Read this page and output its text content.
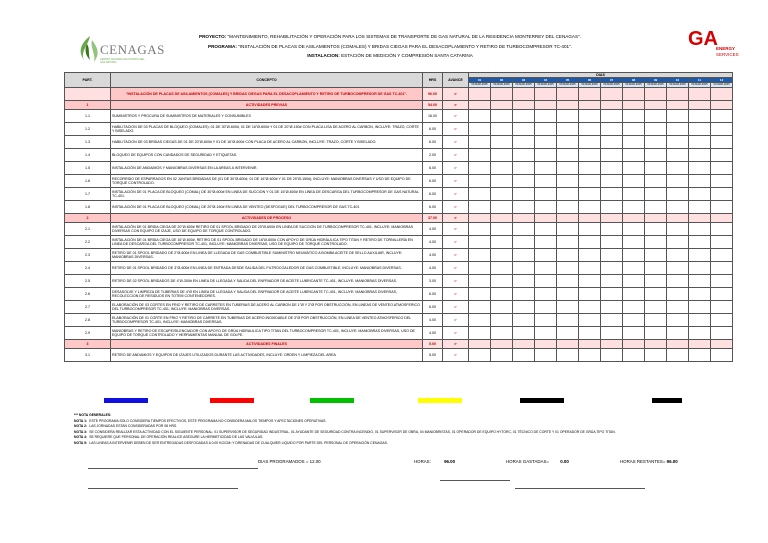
CENAGAS
CENTRO NACIONAL DE CONTROL DEL GAS NATURAL
GA
ENERGY
SERVICES
PROYECTO: "MANTENIMIENTO, REHABILITACIÓN Y OPERACIÓN PARA LOS SISTEMAS DE TRANSPORTE DE GAS NATURAL DE LA RESIDENCIA MONTERREY DEL CENAGAS".
PROGRAMA: "INSTALACIÓN DE PLACAS DE ASILAMIENTOS (COMALES) Y BRIDAS CIEGAS PARA EL DESACOPLAMIENTO Y RETIRO DE TURBOCOMPRESOR TC-401".
INSTALACION: ESTACIÓN DE MEDICIÓN Y COMPRESIÓN SANTA CATARINA
PART.	CONCEPTO	HRS	AVANCE	DIAS											
				01	02	03	04	05	06	07	08	09	10	11	12
				03-MAR-2025	03-MAR-2025	03-MAR-2025	03-MAR-2025	03-MAR-2025	03-MAR-2025	03-MAR-2025	03-MAR-2025	03-MAR-2025	03-MAR-2025	03-MAR-2025	03-MAR-2025
	"INSTALACIÓN DE PLACAS DE ASILAMIENTOS (COMALES) Y BRIDAS CIEGAS PARA EL DESACOPLAMIENTO Y RETIRO DE TURBOCOMPRESOR DE GAS TC-401".	96.00	P	

1	ACTIVIDADES PREVIAS	54.00	P	

1.1	SUMINISTROS Y PROCURA DE SUMINISTROS DE MATERIALES Y CONSUMIBLES	16.00	P	

1.2	HABILITACION DE 03 PLACAS DE BLOQUEO (COMALES): 01 DE 30"Ø-600#, 01 DE 16"Ø-600# Y 01 DE 20"Ø-150# CON PLACA LISA DE ACERO AL CARBON, INCLUYE: TRAZO, CORTE Y BISELADO.	6.00	P			

1.3	HABILITACION DE 03 BRIDAS CIEGAS DE 01 DE 20"Ø-600# Y 01 DE 16"Ø-600# CON PLACA DE ACERO AL CARBON, INCLUYE: TRAZO, CORTE Y BISELADO.	6.00	P				

1.4	BLOQUEO DE EQUIPOS CON CANDADOS DE SEGURIDAD Y ETIQUETAS.	2.00	P				

1.5	INSTALACIÓN DE ANDAMIOS Y MANIOBRAS DIVERSAS EN LA AREAS A INTERVENIR.	6.00	P				

1.6	RECORRIDO DE ESPARRAGOS EN 02 JUNTAS BRIDADAS DE (01 DE 30"Ø-600#, 01 DE 16"Ø-600# Y 01 DE 20"Ø-150#), INCLUYE: MANIOBRAS DIVERSAS Y USO DE EQUIPO DE TORQUE CONTROLADO.	6.00	P					

1.7	INSTALACIÓN DE 01 PLACA DE BLOQUEO (COMAL) DE 30"Ø-600# EN LINEA DE SUCCION Y 01 DE 16"Ø-600# EN LINEA DE DESCARGA DEL TURBOCOMPRESOR DE GAS NATURAL TC-401.	6.00	P						

1.8	INSTALACIÓN DE 01 PLACA DE BLOQUEO (COMAL) DE 20"Ø-150# EN LINEA DE VENTEO (DESFOGUE) DEL TURBOCOMPRESOR DE GAS TC-401	6.00	P							

2	ACTIVIDADES DE PROCESO	37.00	P								

2.1	INSTALACIÓN DE 01 BRIDA CIEGA DE 20"Ø-600# RETIRO DE 01 SPOOL BRIDADO DE 20"Ø-600# EN LINEA DE SUCCION DE TURBOCOMPRESOR TC-401, INCLUYE: MANIOBRAS DIVERSAS CON EQUIPO DE IZAJE, USO DE EQUIPO DE TORQUE CONTROLADO.	4.00	P								

2.2	INSTALACIÓN DE 01 BRIDA CIEGA DE 16"Ø-600#, RETIRO DE 01 SPOOL BRIDADO DE 16"Ø-600# CON APOYO DE GRÚA HIDRÁULICA TIPO TITAN Y RETIRO DE TORNILLERÍA EN LINEA DE DESCARGA DEL TURBOCOMPRESOR TC-401, INCLUYE: MANIOBRAS DIVERSAS, USO DE EQUIPO DE TORQUE CONTROLADO.	4.00	P									

2.3	RETIRO DE 01 SPOOL BRIDADO DE 2"Ø-600# EN LINEA DE LLEGADA DE GAS COMBUSTIBLE SUMINISTRO NEUMÁTICO A BOMBA ACEITE DE SELLO AUXILIAR, INCLUYE: MANIOBRAS DIVERSAS.	4.00	P										

2.4	RETIRO DE 01 SPOOL BRIDADO DE 3"Ø-600# EN LINEA DE ENTRADA DESDE SALIDA DEL FILTROCOALEDOR DE GAS COMBUSTIBLE, INCLUYE: MANIOBRAS DIVERSAS.	4.00	P										

2.5	RETIRO DE 02 SPOOL BRIDADOS DE 4"Ø-300# EN LINEA DE LLEGADA Y SALIDA DEL ENFRIADOR DE ACEITE LUBRICANTE TC-401, INCLUYE: MANIOBRAS DIVERSAS.	3.00	P										

2.6	DESASOLVE Y LIMPIEZA DE TUBERIAS DE 4"Ø EN LINEA DE LLEGADA Y SALIDA DEL ENFRIADOR DE ACEITE LUBRICANTE TC-401, INCLUYE: MANIOBRAS DIVERSAS, RECOLECCION DE RESIDUOS EN TOTEM CONTENEDORES.	6.00	P											

2.7	ELABORACIÓN DE 03 CORTES EN FRIO Y RETIRO DE CARRETES EN TUBERIAS DE ACERO AL CARBON DE 1"Ø Y 2"Ø POR OBSTRUCCIÓN, EN LINEAS DE VENTEO ATMOSFERICO DEL TURBOCOMPRESOR TC-401, INCLUYE: MANIOBRAS DIVERSAS.	6.00	P											

2.8	ELABORACIÓN DE 01 CORTE EN FRIO Y RETIRO DE CARRETE EN TUBERIAS DE ACERO INOXIDABLE DE 3"Ø POR OBSTRUCCIÓN, EN LINEA DE VENTEO ATMOSFERICO DEL TURBOCOMPRESOR TC-401, INCLUYE: MANIOBRAS DIVERSAS.	4.00	P												

2.9	MANIOBRAS Y RETIRO DE ESCAPE/SILENCIADOR CON APOYO DE GRÚA HIDRAULICA TIPO TITAN DEL TURBOCOMPRESOR TC-401, INCLUYE: MANIOBRAS DIVERSAS, USO DE EQUIPO DE TORQUE CONTROLADO Y HERRAMIENTAS MANUAL DE GOLPE.	4.00	P												

3	ACTIVIDADES FINALES	5.00	P												
3.1	RETIRO DE ANDAMIOS Y EQUIPOS DE IZAJES UTILIZADOS DURANTE LAS ACTIVIDADES, INCLUYE: ORDEN Y LIMPIEZA DEL AREA	5.00	P												
*** NOTA GENERALES:
NOTA 1: ESTE PROGRAMA SOLO CONSIDERA TIEMPOS EFECTIVOS, ESTE PROGRAMA NO CONSIDERA MALOS TIEMPOS Y AFECTACIONES OPERATIVAS.
NOTA 2: LAS JORNADAS ESTAN CONSIDERADAS POR 08 HRS.
NOTA 3: SE CONSIDERA REALIZAR ESTA ACTIVIDAD CON EL SIGUIENTE PERSONAL: 01 SUPERVISOR DE SEGURIDAD INDUSTRIAL, 01 AYUDANTE DE SEGURIDAD CONTRA INCENDIO, 01 SUPERVISOR DE OBRA, 04 MANIOBRISTAS, 01 OPERADOR DE EQUIPO HYTORC, 01 TÉCNICO DE CORTE Y 01 OPERADOR DE GRÚA TIPO TITAN.
NOTA 4: SE REQUIERE QUE PERSONAL DE OPERACIÓN REALICE ASEGURE LA HERMETICIDAD DE LAS VALVULAS.
NOTA 5: LAS LINEAS A INTERVENIR DEBEN DE SER ENTREGADAS DESFOGADAS A 0.00 KG/CM² Y DRENADAS DE CUALQUIER LIQUIDO POR PARTE DEL PERSONAL DE OPERACIÓN CENAGAS.
DIAS PROGRAMADOS = 12.00	HORAS:	96.00	HORAS GASTADAS=	0.00	HORAS RESTANTES= 96.00
